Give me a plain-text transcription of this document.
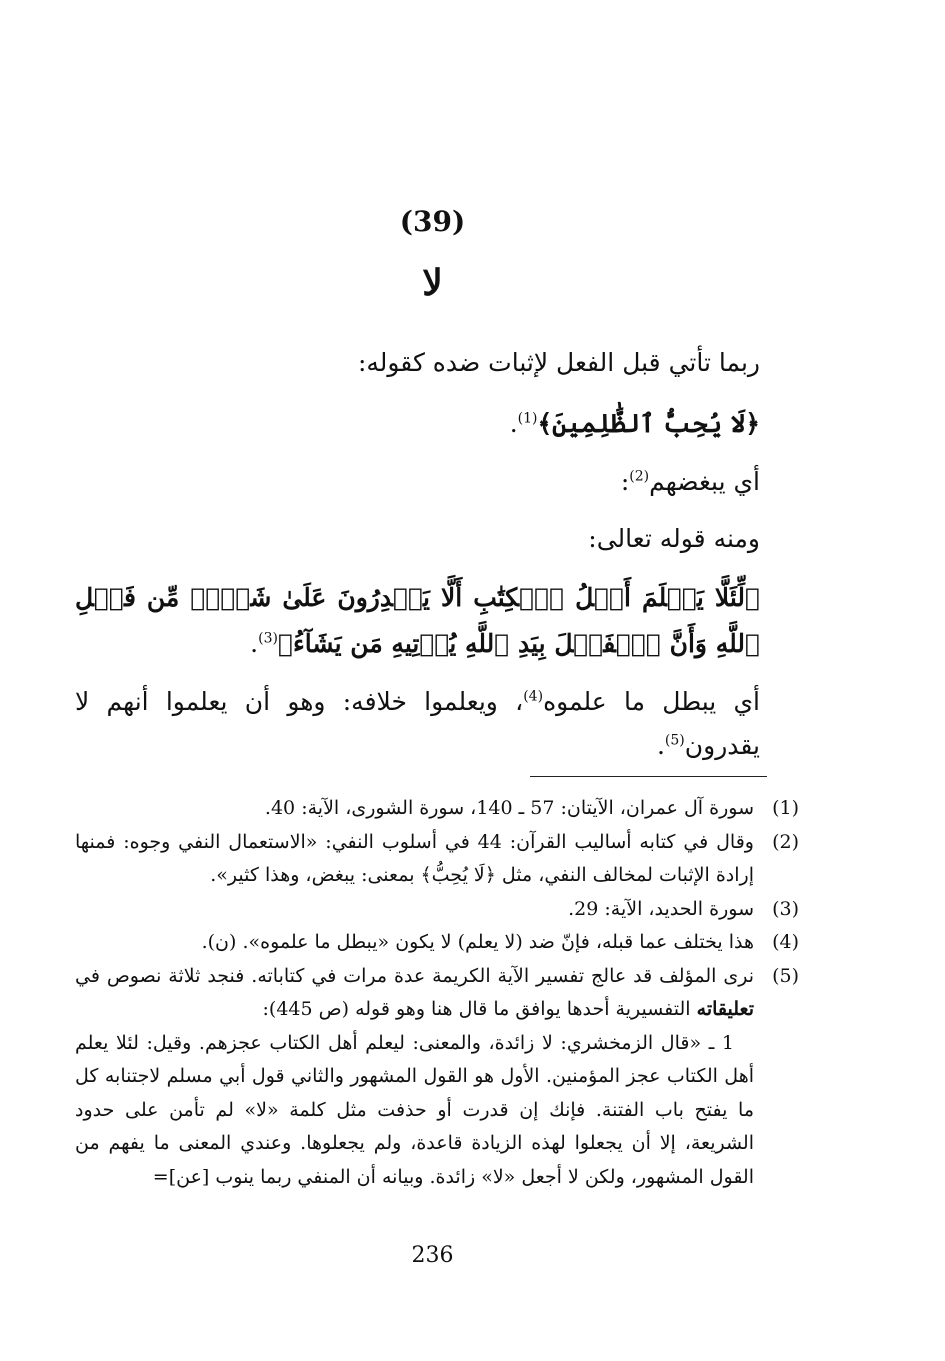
(39)
لا
ربما تأتي قبل الفعل لإثبات ضده كقوله:
﴿لَا يُحِبُّ ٱلظَّٰلِمِينَ﴾$^{(1)}$.
أي يبغضهم$^{(2)}$:
ومنه قوله تعالى:
﴿لِّئَلَّا يَعۡلَمَ أَهۡلُ ٱلۡكِتَٰبِ أَلَّا يَقۡدِرُونَ عَلَىٰ شَيۡءٖ مِّن فَضۡلِ ٱللَّهِ وَأَنَّ ٱلۡفَضۡلَ بِيَدِ ٱللَّهِ يُؤۡتِيهِ مَن يَشَآءُ﴾$^{(3)}$.
أي يبطل ما علموه$^{(4)}$، ويعلموا خلافه: وهو أن يعلموا أنهم لا يقدرون$^{(5)}$.
(1)
سورة آل عمران، الآيتان: 57 ـ 140، سورة الشورى، الآية: 40.
(2)
وقال في كتابه أساليب القرآن: 44 في أسلوب النفي: «الاستعمال النفي وجوه: فمنها إرادة الإثبات لمخالف النفي، مثل ﴿لَا يُحِبُّ﴾ بمعنى: يبغض، وهذا كثير».
(3)
سورة الحديد، الآية: 29.
(4)
هذا يختلف عما قبله، فإنّ ضد (لا يعلم) لا يكون «يبطل ما علموه». (ن).
(5)
نرى المؤلف قد عالج تفسير الآية الكريمة عدة مرات في كتاباته. فنجد ثلاثة نصوص في تعليقاته التفسيرية أحدها يوافق ما قال هنا وهو قوله (ص 445):
1 ـ «قال الزمخشري: لا زائدة، والمعنى: ليعلم أهل الكتاب عجزهم. وقيل: لئلا يعلم أهل الكتاب عجز المؤمنين. الأول هو القول المشهور والثاني قول أبي مسلم لاجتنابه كل ما يفتح باب الفتنة. فإنك إن قدرت أو حذفت مثل كلمة «لا» لم تأمن على حدود الشريعة، إلا أن يجعلوا لهذه الزيادة قاعدة، ولم يجعلوها. وعندي المعنى ما يفهم من القول المشهور، ولكن لا أجعل «لا» زائدة. وبيانه أن المنفي ربما ينوب [عن]=
236
